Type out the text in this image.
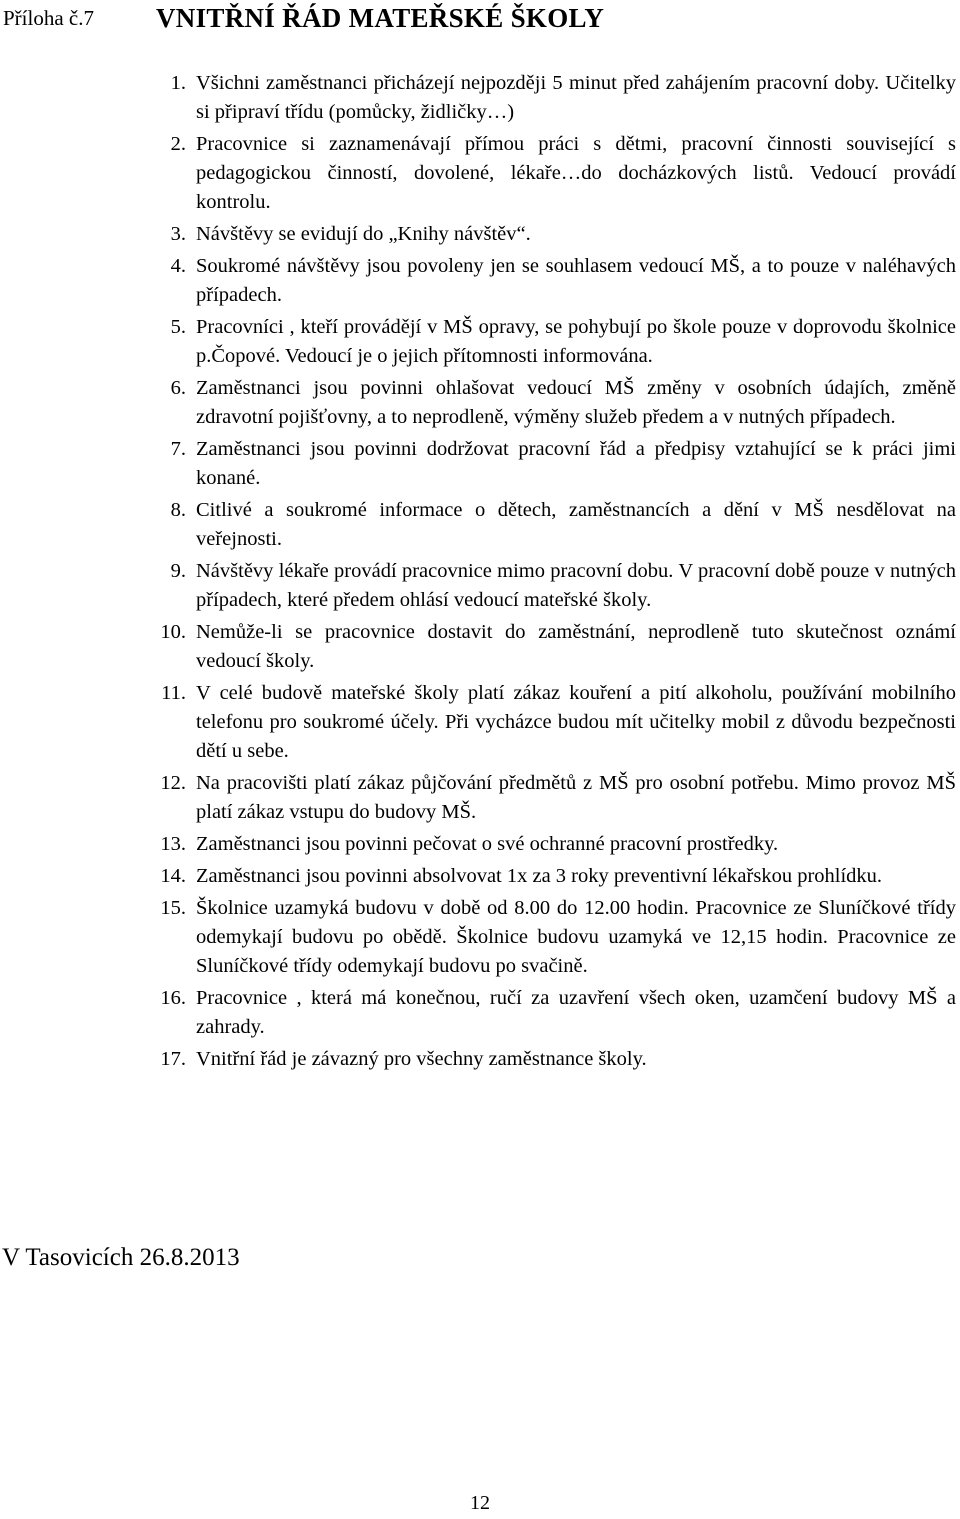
Příloha č.7 VNITŘNÍ ŘÁD MATEŘSKÉ ŠKOLY
1. Všichni zaměstnanci přicházejí nejpozději 5 minut před zahájením pracovní doby. Učitelky si připraví třídu (pomůcky, židličky…)
2. Pracovnice si zaznamenávají přímou práci s dětmi, pracovní činnosti související s pedagogickou činností, dovolené, lékaře…do docházkových listů. Vedoucí provádí kontrolu.
3. Návštěvy se evidují do „Knihy návštěv“.
4. Soukromé návštěvy jsou povoleny jen se souhlasem vedoucí MŠ, a to pouze v naléhavých případech.
5. Pracovníci , kteří provádějí v MŠ opravy, se pohybují po škole pouze v doprovodu školnice p.Čopové. Vedoucí je o jejich přítomnosti informována.
6. Zaměstnanci jsou povinni ohlašovat vedoucí MŠ změny v osobních údajích, změně zdravotní pojišťovny, a to neprodleně, výměny služeb předem a v nutných případech.
7. Zaměstnanci jsou povinni dodržovat pracovní řád a předpisy vztahující se k práci jimi konané.
8. Citlivé a soukromé informace o dětech, zaměstnancích a dění v MŠ nesdělovat na veřejnosti.
9. Návštěvy lékaře provádí pracovnice mimo pracovní dobu. V pracovní době pouze v nutných případech, které předem ohlásí vedoucí mateřské školy.
10. Nemůže-li se pracovnice dostavit do zaměstnání, neprodleně tuto skutečnost oznámí vedoucí školy.
11. V celé budově mateřské školy platí zákaz kouření a pití alkoholu, používání mobilního telefonu pro soukromé účely. Při vycházce budou mít učitelky mobil z důvodu bezpečnosti dětí u sebe.
12. Na pracovišti platí zákaz půjčování předmětů z MŠ pro osobní potřebu. Mimo provoz MŠ platí zákaz vstupu do budovy MŠ.
13. Zaměstnanci jsou povinni pečovat o své ochranné pracovní prostředky.
14. Zaměstnanci jsou povinni absolvovat 1x za 3 roky preventivní lékařskou prohlídku.
15. Školnice uzamyká budovu v době od 8.00 do 12.00 hodin. Pracovnice ze Sluníčkové třídy odemykají budovu po obědě. Školnice budovu uzamyká ve 12,15 hodin. Pracovnice ze Sluníčkové třídy odemykají budovu po svačině.
16. Pracovnice , která má konečnou, ručí za uzavření všech oken, uzamčení budovy MŠ a zahrady.
17. Vnitřní řád je závazný pro všechny zaměstnance školy.
V Tasovicích 26.8.2013
12
